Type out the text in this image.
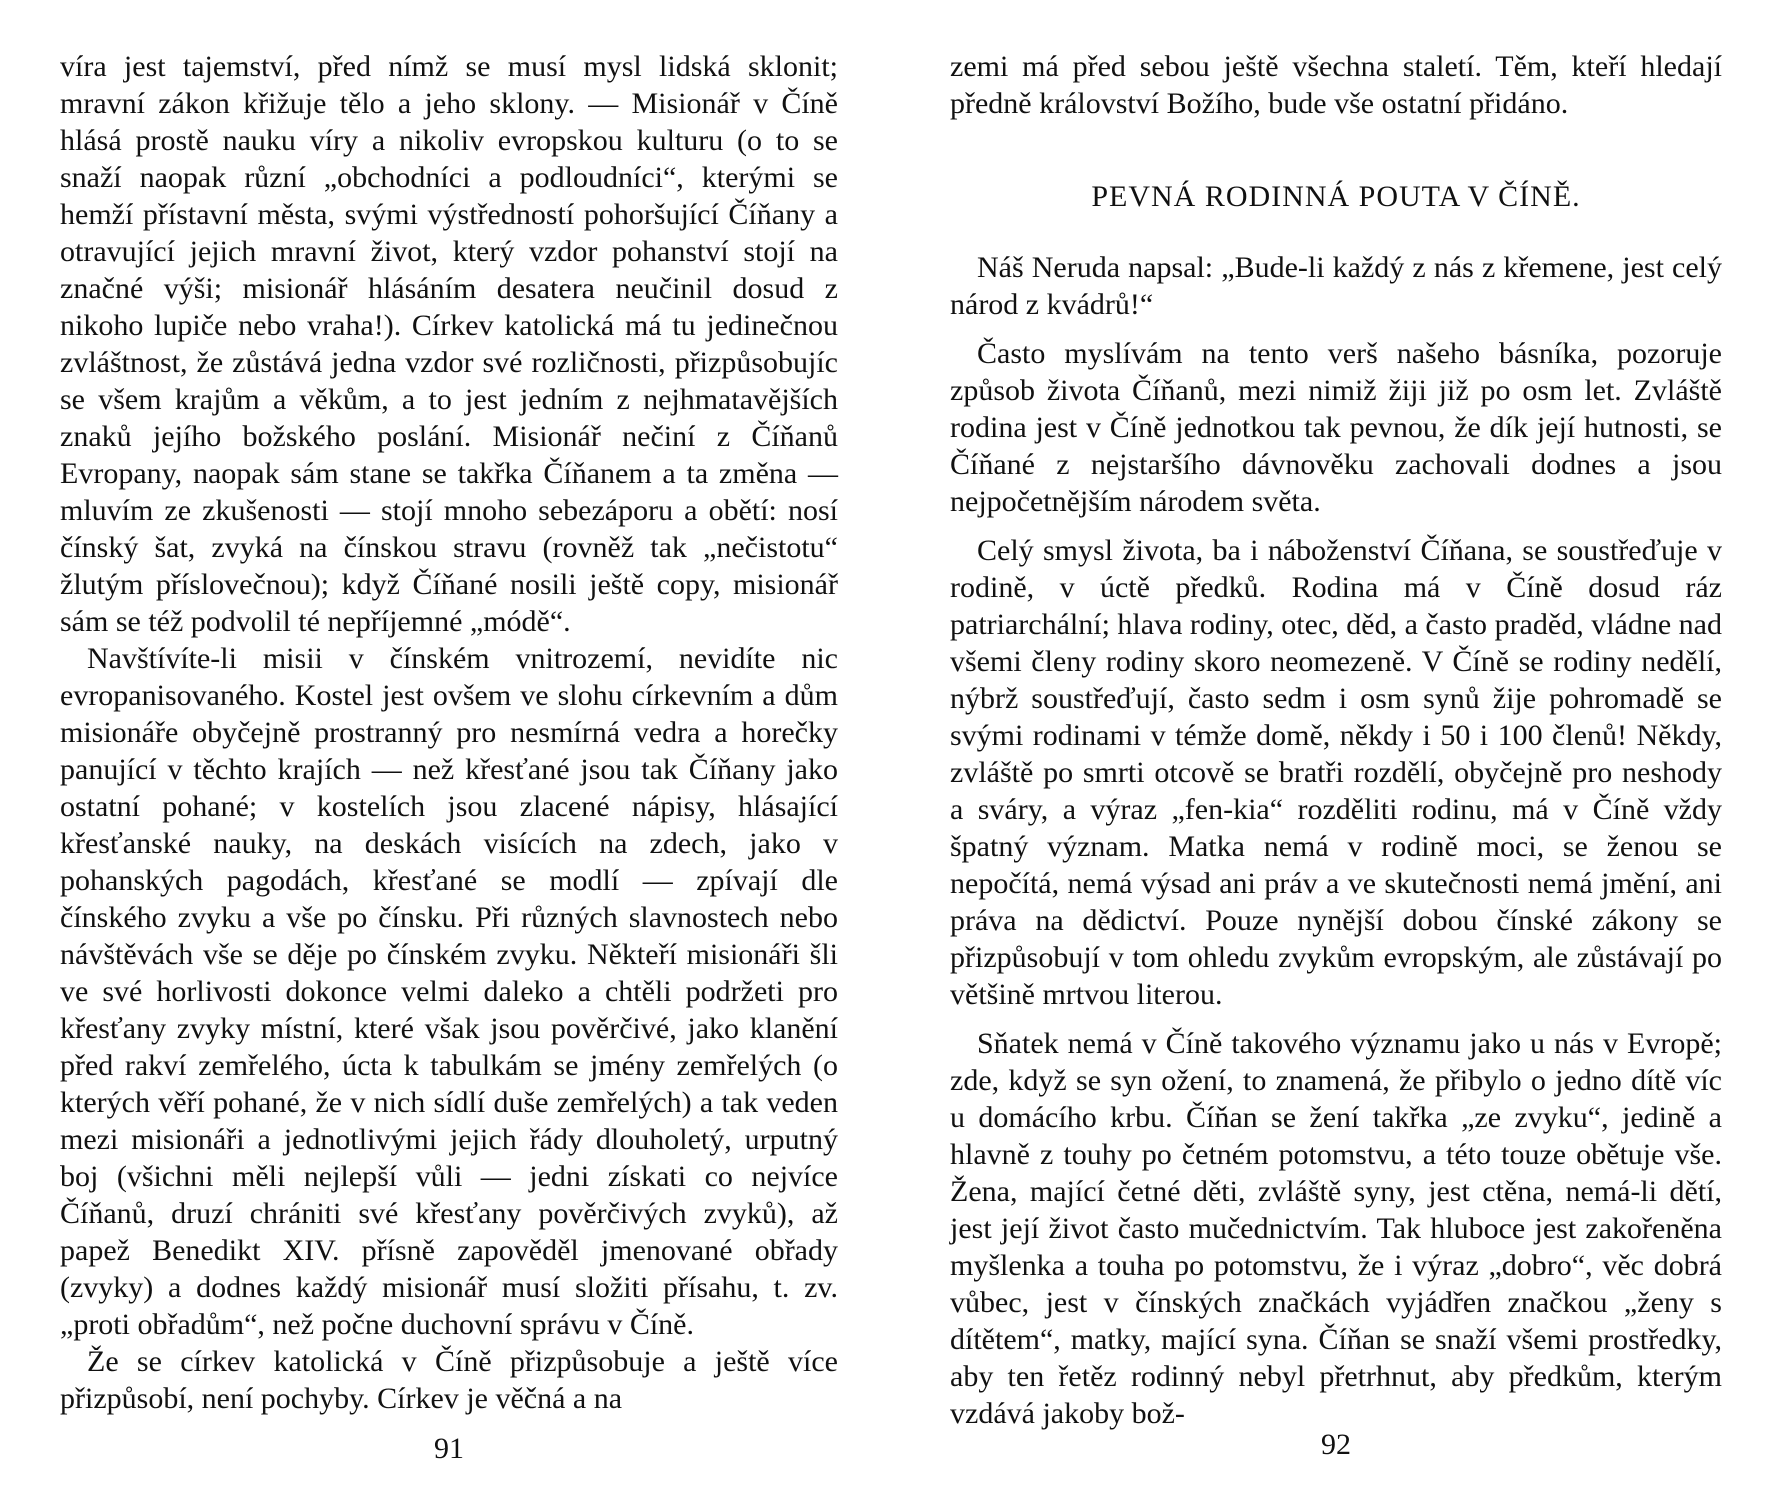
víra jest tajemství, před nímž se musí mysl lidská sklonit; mravní zákon křižuje tělo a jeho sklony. — Misionář v Číně hlásá prostě nauku víry a nikoliv evropskou kulturu (o to se snaží naopak různí „obchodníci a podloudníci“, kterými se hemží přístavní města, svými výstředností pohoršující Číňany a otravující jejich mravní život, který vzdor pohanství stojí na značné výši; misionář hlásáním desatera neučinil dosud z nikoho lupiče nebo vraha!). Církev katolická má tu jedinečnou zvláštnost, že zůstává jedna vzdor své rozličnosti, přizpůsobujíc se všem krajům a věkům, a to jest jedním z nejhmatavějších znaků jejího božského poslání. Misionář nečiní z Číňanů Evropany, naopak sám stane se takřka Číňanem a ta změna — mluvím ze zkušenosti — stojí mnoho sebezáporu a obětí: nosí čínský šat, zvyká na čínskou stravu (rovněž tak „nečistotu“ žlutým příslovečnou); když Číňané nosili ještě copy, misionář sám se též podvolil té nepříjemné „módě“.

Navštívíte-li misii v čínském vnitrozemí, nevidíte nic evropanisovaného. Kostel jest ovšem ve slohu církevním a dům misionáře obyčejně prostranný pro nesmírná vedra a horečky panující v těchto krajích — než křesťané jsou tak Číňany jako ostatní pohané; v kostelích jsou zlacené nápisy, hlásající křesťanské nauky, na deskách visících na zdech, jako v pohanských pagodách, křesťané se modlí — zpívají dle čínského zvyku a vše po čínsku. Při různých slavnostech nebo návštěvách vše se děje po čínském zvyku. Někteří misionáři šli ve své horlivosti dokonce velmi daleko a chtěli podržeti pro křesťany zvyky místní, které však jsou pověrčivé, jako klanění před rakví zemřelého, úcta k tabulkám se jmény zemřelých (o kterých věří pohané, že v nich sídlí duše zemřelých) a tak veden mezi misionáři a jednotlivými jejich řády dlouholetý, urputný boj (všichni měli nejlepší vůli — jedni získati co nejvíce Číňanů, druzí chrániti své křesťany pověrčivých zvyků), až papež Benedikt XIV. přísně zapověděl jmenované obřady (zvyky) a dodnes každý misionář musí složiti přísahu, t. zv. „proti obřadům“, než počne duchovní správu v Číně.

Že se církev katolická v Číně přizpůsobuje a ještě více přizpůsobí, není pochyby. Církev je věčná a na

91

zemi má před sebou ještě všechna staletí. Těm, kteří hledají předně království Božího, bude vše ostatní přidáno.

PEVNÁ RODINNÁ POUTA V ČÍNĚ.

Náš Neruda napsal: „Bude-li každý z nás z křemene, jest celý národ z kvádrů!“

Často myslívám na tento verš našeho básníka, pozoruje způsob života Číňanů, mezi nimiž žiji již po osm let. Zvláště rodina jest v Číně jednotkou tak pevnou, že dík její hutnosti, se Číňané z nejstaršího dávnověku zachovali dodnes a jsou nejpočetnějším národem světa.

Celý smysl života, ba i náboženství Číňana, se soustřeďuje v rodině, v úctě předků. Rodina má v Číně dosud ráz patriarchální; hlava rodiny, otec, děd, a často praděd, vládne nad všemi členy rodiny skoro neomezeně. V Číně se rodiny nedělí, nýbrž soustřeďují, často sedm i osm synů žije pohromadě se svými rodinami v témže domě, někdy i 50 i 100 členů! Někdy, zvláště po smrti otcově se bratři rozdělí, obyčejně pro neshody a sváry, a výraz „fen-kia“ rozděliti rodinu, má v Číně vždy špatný význam. Matka nemá v rodině moci, se ženou se nepočítá, nemá výsad ani práv a ve skutečnosti nemá jmění, ani práva na dědictví. Pouze nynější dobou čínské zákony se přizpůsobují v tom ohledu zvykům evropským, ale zůstávají po většině mrtvou literou.

Sňatek nemá v Číně takového významu jako u nás v Evropě; zde, když se syn ožení, to znamená, že přibylo o jedno dítě víc u domácího krbu. Číňan se žení takřka „ze zvyku“, jedině a hlavně z touhy po četném potomstvu, a této touze obětuje vše. Žena, mající četné děti, zvláště syny, jest ctěna, nemá-li dětí, jest její život často mučednictvím. Tak hluboce jest zakořeněna myšlenka a touha po potomstvu, že i výraz „dobro“, věc dobrá vůbec, jest v čínských značkách vyjádřen značkou „ženy s dítětem“, matky, mající syna. Číňan se snaží všemi prostředky, aby ten řetěz rodinný nebyl přetrhnut, aby předkům, kterým vzdává jakoby bož-

92
